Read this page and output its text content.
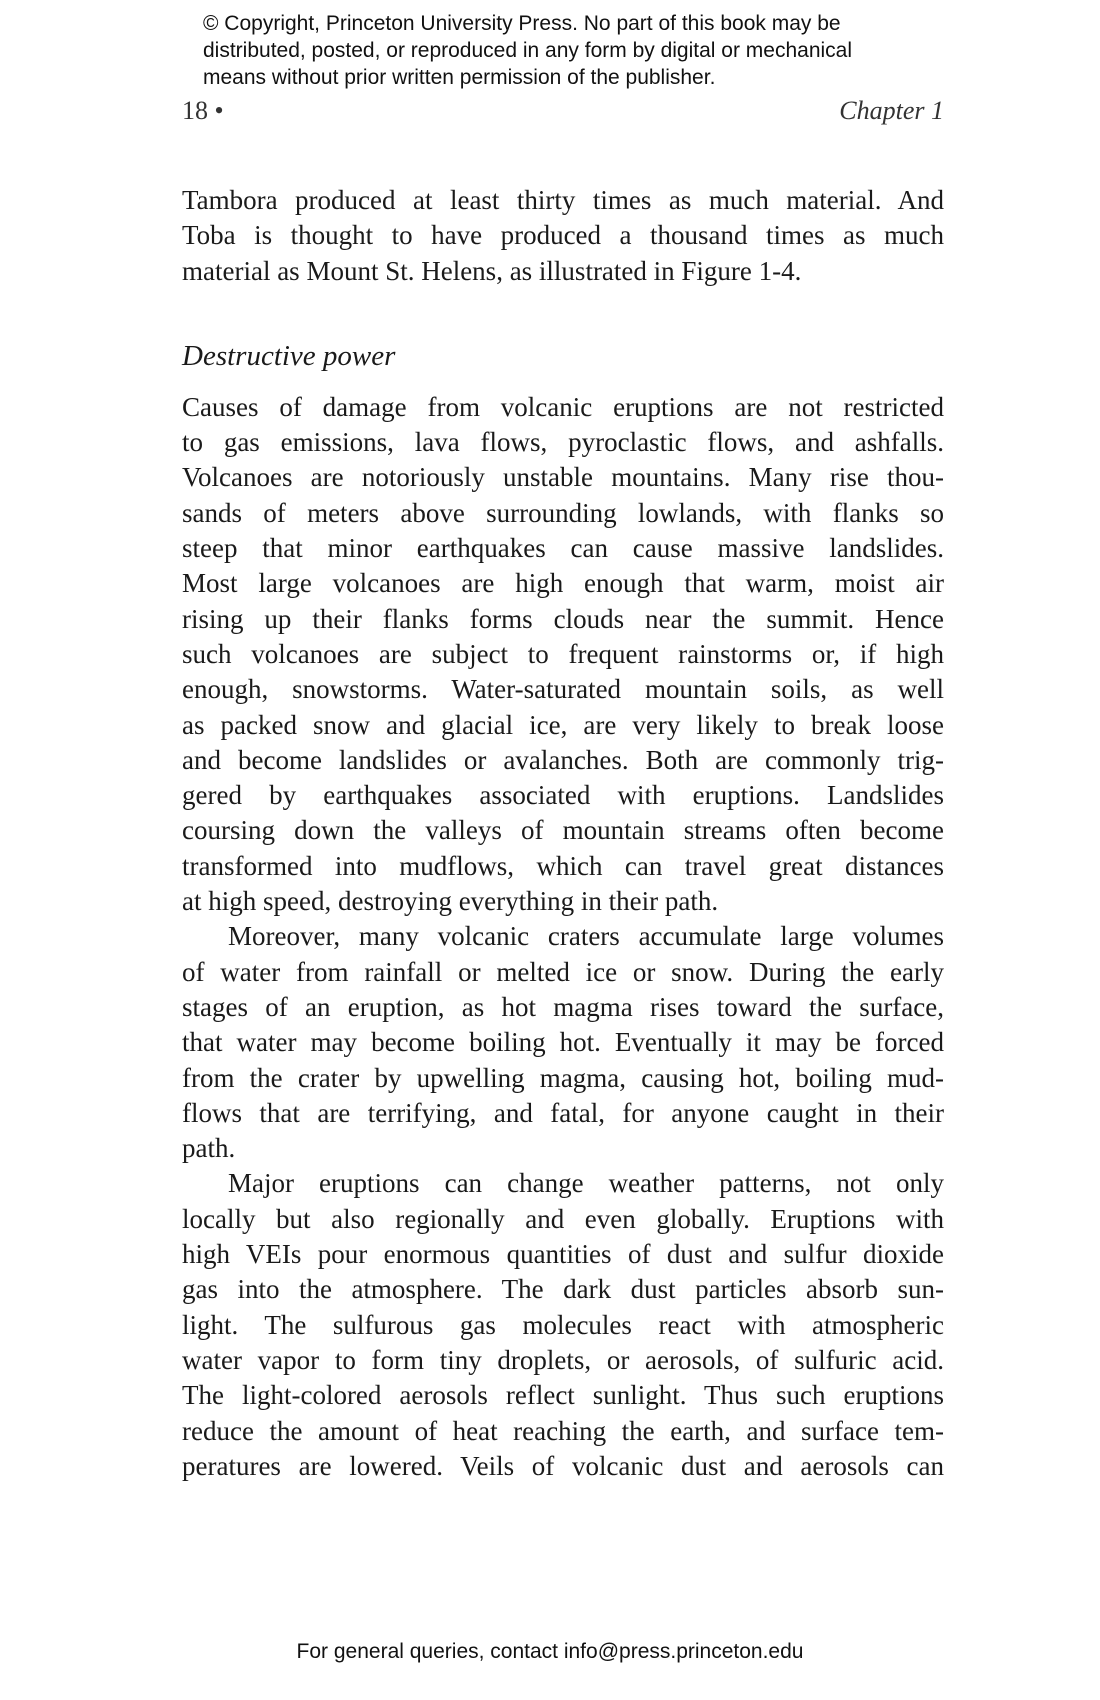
© Copyright, Princeton University Press. No part of this book may be
distributed, posted, or reproduced in any form by digital or mechanical
means without prior written permission of the publisher.
18 •	Chapter 1
Tambora produced at least thirty times as much material. And
Toba is thought to have produced a thousand times as much
material as Mount St. Helens, as illustrated in Figure 1-4.
Destructive power
Causes of damage from volcanic eruptions are not restricted
to gas emissions, lava flows, pyroclastic flows, and ashfalls.
Volcanoes are notoriously unstable mountains. Many rise thou-
sands of meters above surrounding lowlands, with flanks so
steep that minor earthquakes can cause massive landslides.
Most large volcanoes are high enough that warm, moist air
rising up their flanks forms clouds near the summit. Hence
such volcanoes are subject to frequent rainstorms or, if high
enough, snowstorms. Water-saturated mountain soils, as well
as packed snow and glacial ice, are very likely to break loose
and become landslides or avalanches. Both are commonly trig-
gered by earthquakes associated with eruptions. Landslides
coursing down the valleys of mountain streams often become
transformed into mudflows, which can travel great distances
at high speed, destroying everything in their path.
Moreover, many volcanic craters accumulate large volumes
of water from rainfall or melted ice or snow. During the early
stages of an eruption, as hot magma rises toward the surface,
that water may become boiling hot. Eventually it may be forced
from the crater by upwelling magma, causing hot, boiling mud-
flows that are terrifying, and fatal, for anyone caught in their
path.
Major eruptions can change weather patterns, not only
locally but also regionally and even globally. Eruptions with
high VEIs pour enormous quantities of dust and sulfur dioxide
gas into the atmosphere. The dark dust particles absorb sun-
light. The sulfurous gas molecules react with atmospheric
water vapor to form tiny droplets, or aerosols, of sulfuric acid.
The light-colored aerosols reflect sunlight. Thus such eruptions
reduce the amount of heat reaching the earth, and surface tem-
peratures are lowered. Veils of volcanic dust and aerosols can
For general queries, contact info@press.princeton.edu
